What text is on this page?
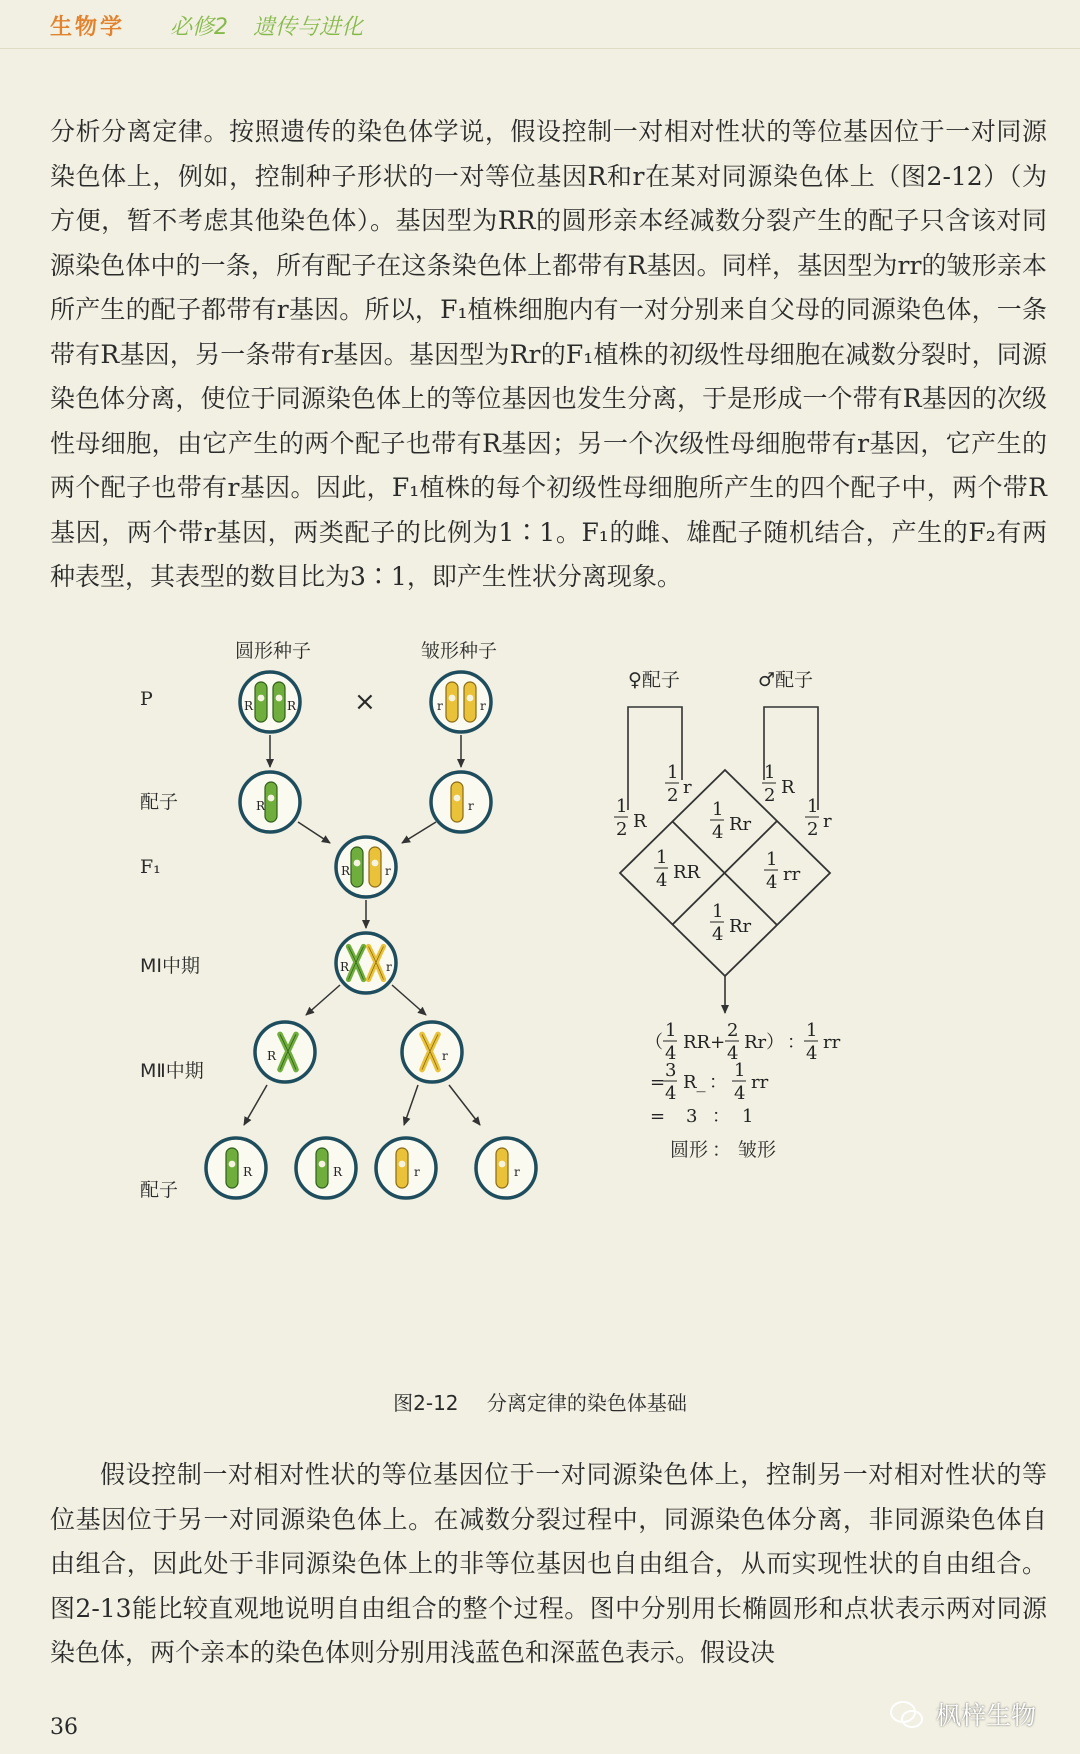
生物学 必修2 遗传与进化
分析分离定律。按照遗传的染色体学说，假设控制一对相对性状的等位基因位于一对同源染色体上，例如，控制种子形状的一对等位基因R和r在某对同源染色体上（图2-12）（为方便，暂不考虑其他染色体）。基因型为RR的圆形亲本经减数分裂产生的配子只含该对同源染色体中的一条，所有配子在这条染色体上都带有R基因。同样，基因型为rr的皱形亲本所产生的配子都带有r基因。所以，F₁植株细胞内有一对分别来自父母的同源染色体，一条带有R基因，另一条带有r基因。基因型为Rr的F₁植株的初级性母细胞在减数分裂时，同源染色体分离，使位于同源染色体上的等位基因也发生分离，于是形成一个带有R基因的次级性母细胞，由它产生的两个配子也带有R基因；另一个次级性母细胞带有r基因，它产生的两个配子也带有r基因。因此，F₁植株的每个初级性母细胞所产生的四个配子中，两个带R基因，两个带r基因，两类配子的比例为1∶1。F₁的雌、雄配子随机结合，产生的F₂有两种表型，其表型的数目比为3∶1，即产生性状分离现象。
P
配子
F₁
MⅠ中期
MⅡ中期
配子
圆形种子	皱形种子
×
R	R	r	r
R	r
R	r
R	r
R	r
R	R	r	r
♀配子	♂配子
1
2 R
1
2 r
1
2 R
1
2 r
1
4 Rr
1
4 RR
1
4 rr
1
4 Rr
（
1
4
RR+
2
4
Rr） ：
1
4
rr
=
3
4
R_ ：
1
4
rr
= 3 ： 1
圆形 ： 皱形
图2-12 分离定律的染色体基础
假设控制一对相对性状的等位基因位于一对同源染色体上，控制另一对相对性状的等位基因位于另一对同源染色体上。在减数分裂过程中，同源染色体分离，非同源染色体自由组合，因此处于非同源染色体上的非等位基因也自由组合，从而实现性状的自由组合。图2-13能比较直观地说明自由组合的整个过程。图中分别用长椭圆形和点状表示两对同源染色体，两个亲本的染色体则分别用浅蓝色和深蓝色表示。假设决
36	枫梓生物
